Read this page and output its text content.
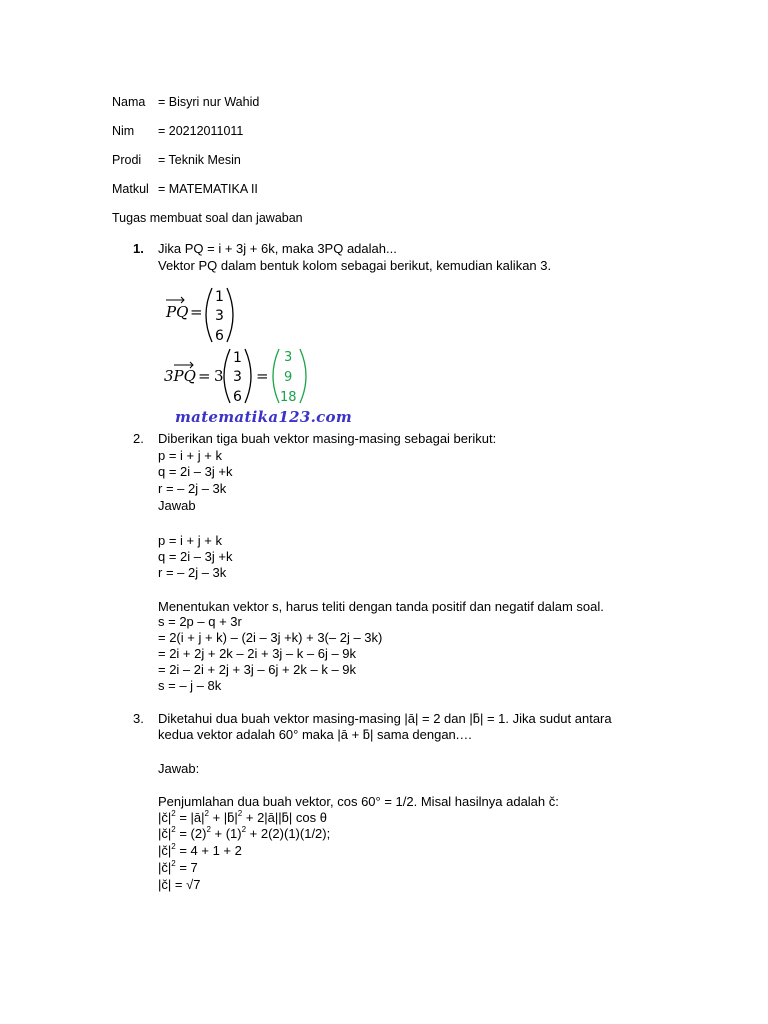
Nama = Bisyri nur Wahid
Nim = 20212011011
Prodi = Teknik Mesin
Matkul = MATEMATIKA II
Tugas membuat soal dan jawaban
1. Jika PQ = i + 3j + 6k, maka 3PQ adalah...
Vektor PQ dalam bentuk kolom sebagai berikut, kemudian kalikan 3.
PQ =
1
3
6
3PQ = 3
1
3
6
=
3
9
18
matematika123.com
2. Diberikan tiga buah vektor masing-masing sebagai berikut:
p = i + j + k
q = 2i – 3j +k
r = – 2j – 3k
Jawab
p = i + j + k
q = 2i – 3j +k
r = – 2j – 3k
Menentukan vektor s, harus teliti dengan tanda positif dan negatif dalam soal.
s = 2p – q + 3r
= 2(i + j + k) – (2i – 3j +k) + 3(– 2j – 3k)
= 2i + 2j + 2k – 2i + 3j – k – 6j – 9k
= 2i – 2i + 2j + 3j – 6j + 2k – k – 9k
s = – j – 8k
3. Diketahui dua buah vektor masing-masing |ā| = 2 dan |ƃ| = 1. Jika sudut antara
kedua vektor adalah 60° maka |ā + ƃ| sama dengan.…
Jawab:
Penjumlahan dua buah vektor, cos 60° = 1/2. Misal hasilnya adalah č:
$|č|^2$ = $|ā|^2$ + $|ƃ|^2$ + 2|ā||ƃ| cos θ
$|č|^2 = (2)^2 + (1)^2 + 2(2)(1)(1/2)$;
$|č|^2 = 4 + 1 + 2$
$|č|^2 = 7$
|č| = √7
